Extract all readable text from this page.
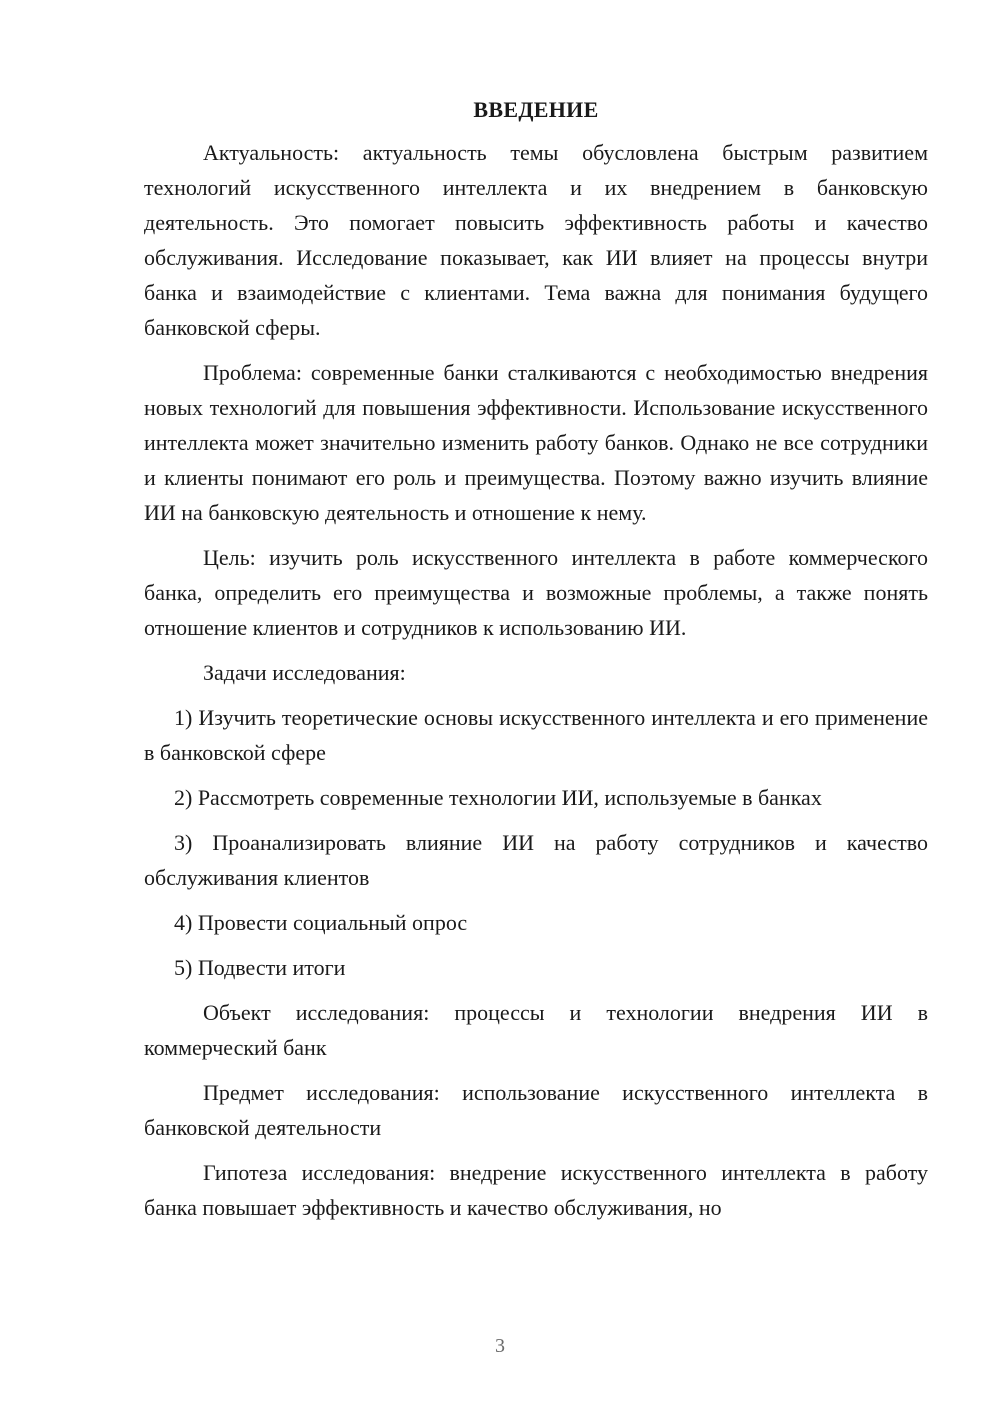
ВВЕДЕНИЕ

Актуальность: актуальность темы обусловлена быстрым развитием технологий искусственного интеллекта и их внедрением в банковскую деятельность. Это помогает повысить эффективность работы и качество обслуживания. Исследование показывает, как ИИ влияет на процессы внутри банка и взаимодействие с клиентами. Тема важна для понимания будущего банковской сферы.

Проблема: современные банки сталкиваются с необходимостью внедрения новых технологий для повышения эффективности. Использование искусственного интеллекта может значительно изменить работу банков. Однако не все сотрудники и клиенты понимают его роль и преимущества. Поэтому важно изучить влияние ИИ на банковскую деятельность и отношение к нему.

Цель: изучить роль искусственного интеллекта в работе коммерческого банка, определить его преимущества и возможные проблемы, а также понять отношение клиентов и сотрудников к использованию ИИ.

Задачи исследования:

1) Изучить теоретические основы искусственного интеллекта и его применение в банковской сфере

2) Рассмотреть современные технологии ИИ, используемые в банках

3) Проанализировать влияние ИИ на работу сотрудников и качество обслуживания клиентов

4) Провести социальный опрос

5) Подвести итоги

Объект исследования: процессы и технологии внедрения ИИ в коммерческий банк

Предмет исследования: использование искусственного интеллекта в банковской деятельности

Гипотеза исследования: внедрение искусственного интеллекта в работу банка повышает эффективность и качество обслуживания, но

3
